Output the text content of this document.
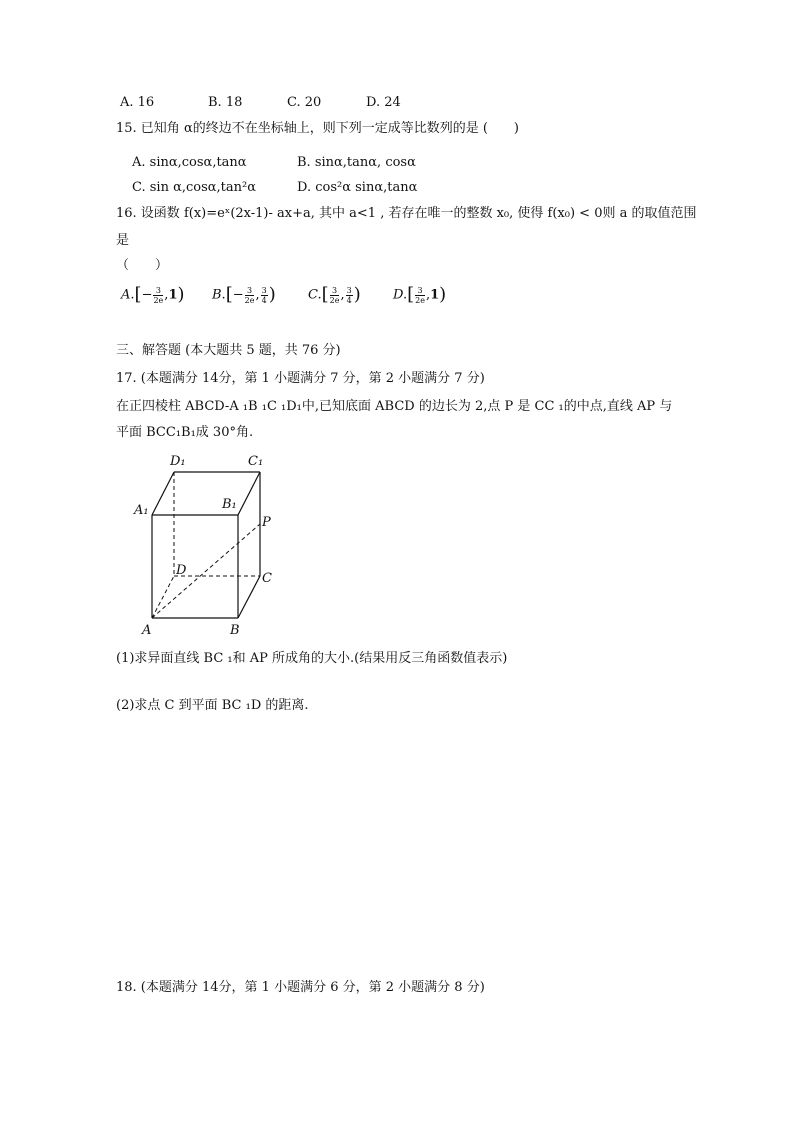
A. 16	B. 18	C. 20	D. 24
15. 已知角 α的终边不在坐标轴上，则下列一定成等比数列的是 (　　)
A. sinα,cosα,tanα	B. sinα,tanα, cosα
C. sin α,cosα,tan²α	D. cos²α sinα,tanα
16. 设函数 f(x)=eˣ(2x-1)- ax+a, 其中 a<1 , 若存在唯一的整数 x₀, 使得 f(x₀) < 0则 a 的取值范围
是
（　　）
$A.[- \frac{3}{2e} ,1)$ $B.[- \frac{3}{2e}$ , $\frac{3}{4}$ ) $C.[ \frac{3}{2e}$ , $\frac{3}{4}$ ) $D.[ \frac{3}{2e} ,1)$
三、解答题 (本大题共 5 题，共 76 分)
17. (本题满分 14分，第 1 小题满分 7 分，第 2 小题满分 7 分)
在正四棱柱 ABCD-A ₁B ₁C ₁D₁中,已知底面 ABCD 的边长为 2,点 P 是 CC ₁的中点,直线 AP 与
平面 BCC₁B₁成 30°角.
D₁	C₁
A₁	B₁
P
D
C
A	B
(1)求异面直线 BC ₁和 AP 所成角的大小.(结果用反三角函数值表示)
(2)求点 C 到平面 BC ₁D 的距离.
18. (本题满分 14分，第 1 小题满分 6 分，第 2 小题满分 8 分)
